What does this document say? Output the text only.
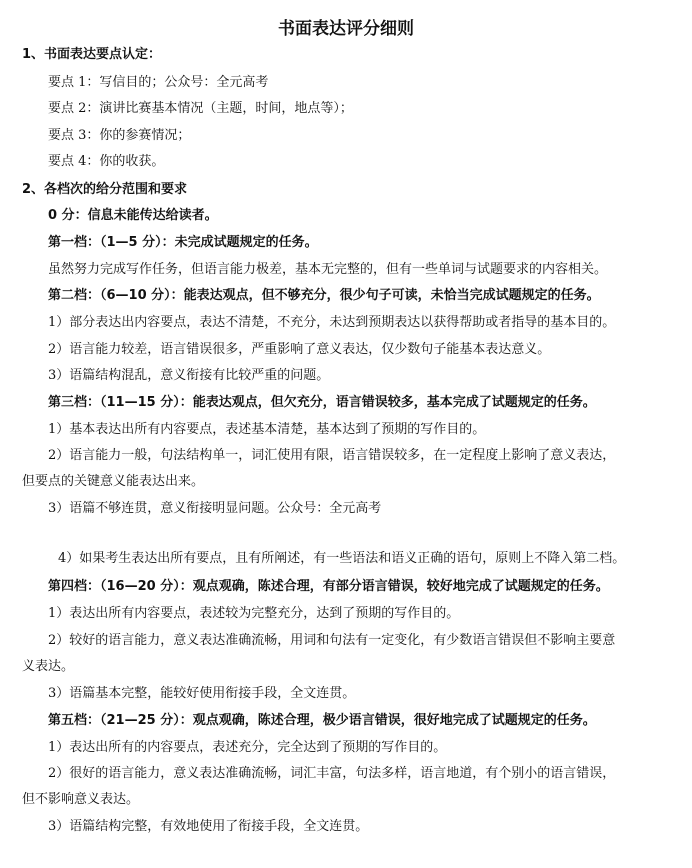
书面表达评分细则
1、书面表达要点认定：
要点 1：写信目的；公众号：全元高考
要点 2：演讲比赛基本情况（主题，时间，地点等）；
要点 3：你的参赛情况；
要点 4：你的收获。
2、各档次的给分范围和要求
0 分：信息未能传达给读者。
第一档：（1—5 分）：未完成试题规定的任务。
虽然努力完成写作任务，但语言能力极差，基本无完整的，但有一些单词与试题要求的内容相关。
第二档：（6—10 分）：能表达观点，但不够充分，很少句子可读，未恰当完成试题规定的任务。
1）部分表达出内容要点，表达不清楚，不充分，未达到预期表达以获得帮助或者指导的基本目的。
2）语言能力较差，语言错误很多，严重影响了意义表达，仅少数句子能基本表达意义。
3）语篇结构混乱，意义衔接有比较严重的问题。
第三档：（11—15 分）：能表达观点，但欠充分，语言错误较多，基本完成了试题规定的任务。
1）基本表达出所有内容要点，表述基本清楚，基本达到了预期的写作目的。
2）语言能力一般，句法结构单一，词汇使用有限，语言错误较多，在一定程度上影响了意义表达，
但要点的关键意义能表达出来。
3）语篇不够连贯，意义衔接明显问题。公众号：全元高考
4）如果考生表达出所有要点，且有所阐述，有一些语法和语义正确的语句，原则上不降入第二档。
第四档：（16—20 分）：观点观确，陈述合理，有部分语言错误，较好地完成了试题规定的任务。
1）表达出所有内容要点，表述较为完整充分，达到了预期的写作目的。
2）较好的语言能力，意义表达准确流畅，用词和句法有一定变化，有少数语言错误但不影响主要意
义表达。
3）语篇基本完整，能较好使用衔接手段，全文连贯。
第五档：（21—25 分）：观点观确，陈述合理，极少语言错误，很好地完成了试题规定的任务。
1）表达出所有的内容要点，表述充分，完全达到了预期的写作目的。
2）很好的语言能力，意义表达准确流畅，词汇丰富，句法多样，语言地道，有个别小的语言错误，
但不影响意义表达。
3）语篇结构完整，有效地使用了衔接手段，全文连贯。
